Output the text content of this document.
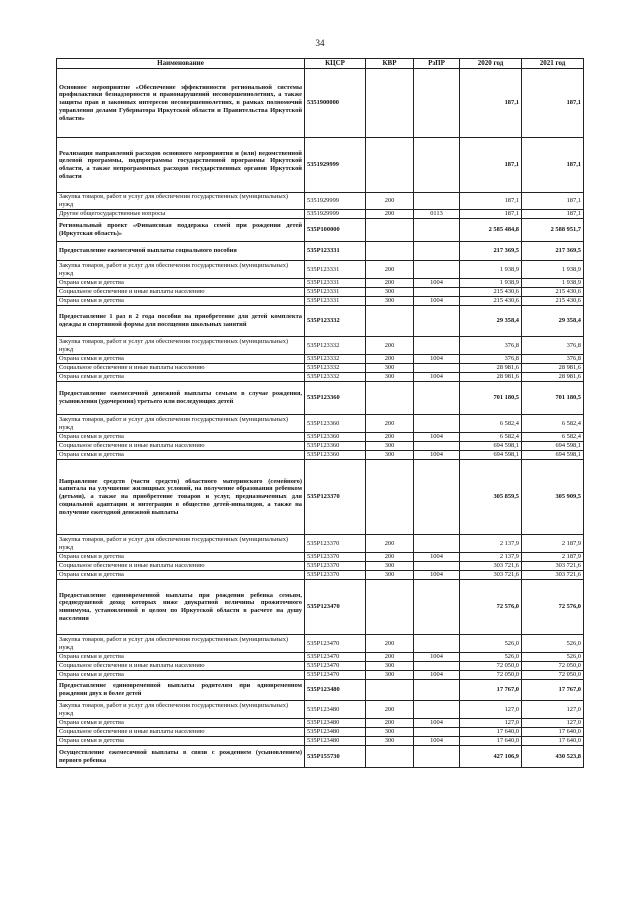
34
Наименование	КЦСР	КВР	РзПР	2020 год	2021 год
Основное мероприятие «Обеспечение эффективности региональной системы профилактики безнадзорности и правонарушений несовершеннолетних, а также защиты прав и законных интересов несовершеннолетних, в рамках полномочий управления делами Губернатора Иркутской области и Правительства Иркутской области»	5351900000			187,1	187,1
Реализация направлений расходов основного мероприятия и (или) ведомственной целевой программы, подпрограммы государственной программы Иркутской области, а также непрограммных расходов государственных органов Иркутской области	5351929999			187,1	187,1
Закупка товаров, работ и услуг для обеспечения государственных (муниципальных) нужд	5351929999	200		187,1	187,1
Другие общегосударственные вопросы	5351929999	200	0113	187,1	187,1
Региональный проект «Финансовая поддержка семей при рождении детей (Иркутская область)»	535P100000			2 585 484,8	2 588 951,7
Предоставление ежемесячной выплаты социального пособия	535P123331			217 369,5	217 369,5
Закупка товаров, работ и услуг для обеспечения государственных (муниципальных) нужд	535P123331	200		1 938,9	1 938,9
Охрана семьи и детства	535P123331	200	1004	1 938,9	1 938,9
Социальное обеспечение и иные выплаты населению	535P123331	300		215 430,6	215 430,6
Охрана семьи и детства	535P123331	300	1004	215 430,6	215 430,6
Предоставление 1 раз в 2 года пособия на приобретение для детей комплекта одежды и спортивной формы для посещения школьных занятий	535P123332			29 358,4	29 358,4
Закупка товаров, работ и услуг для обеспечения государственных (муниципальных) нужд	535P123332	200		376,8	376,8
Охрана семьи и детства	535P123332	200	1004	376,8	376,8
Социальное обеспечение и иные выплаты населению	535P123332	300		28 981,6	28 981,6
Охрана семьи и детства	535P123332	300	1004	28 981,6	28 981,6
Предоставление ежемесячной денежной выплаты семьям в случае рождения, усыновления (удочерения) третьего или последующих детей	535P123360			701 180,5	701 180,5
Закупка товаров, работ и услуг для обеспечения государственных (муниципальных) нужд	535P123360	200		6 582,4	6 582,4
Охрана семьи и детства	535P123360	200	1004	6 582,4	6 582,4
Социальное обеспечение и иные выплаты населению	535P123360	300		694 598,1	694 598,1
Охрана семьи и детства	535P123360	300	1004	694 598,1	694 598,1
Направление средств (части средств) областного материнского (семейного) капитала на улучшение жилищных условий, на получение образования ребенком (детьми), а также на приобретение товаров и услуг, предназначенных для социальной адаптации и интеграции в общество детей-инвалидов, а также на получение ежегодной денежной выплаты	535P123370			305 859,5	305 909,5
Закупка товаров, работ и услуг для обеспечения государственных (муниципальных) нужд	535P123370	200		2 137,9	2 187,9
Охрана семьи и детства	535P123370	200	1004	2 137,9	2 187,9
Социальное обеспечение и иные выплаты населению	535P123370	300		303 721,6	303 721,6
Охрана семьи и детства	535P123370	300	1004	303 721,6	303 721,6
Предоставление единовременной выплаты при рождении ребенка семьям, среднедушевой доход которых ниже двукратной величины прожиточного минимума, установленной в целом по Иркутской области в расчете на душу населения	535P123470			72 576,0	72 576,0
Закупка товаров, работ и услуг для обеспечения государственных (муниципальных) нужд	535P123470	200		526,0	526,0
Охрана семьи и детства	535P123470	200	1004	526,0	526,0
Социальное обеспечение и иные выплаты населению	535P123470	300		72 050,0	72 050,0
Охрана семьи и детства	535P123470	300	1004	72 050,0	72 050,0
Предоставление единовременной выплаты родителям при одновременном рождении двух и более детей	535P123480			17 767,0	17 767,0
Закупка товаров, работ и услуг для обеспечения государственных (муниципальных) нужд	535P123480	200		127,0	127,0
Охрана семьи и детства	535P123480	200	1004	127,0	127,0
Социальное обеспечение и иные выплаты населению	535P123480	300		17 640,0	17 640,0
Охрана семьи и детства	535P123480	300	1004	17 640,0	17 640,0
Осуществление ежемесячной выплаты в связи с рождением (усыновлением) первого ребенка	535P155730			427 106,9	430 523,8
